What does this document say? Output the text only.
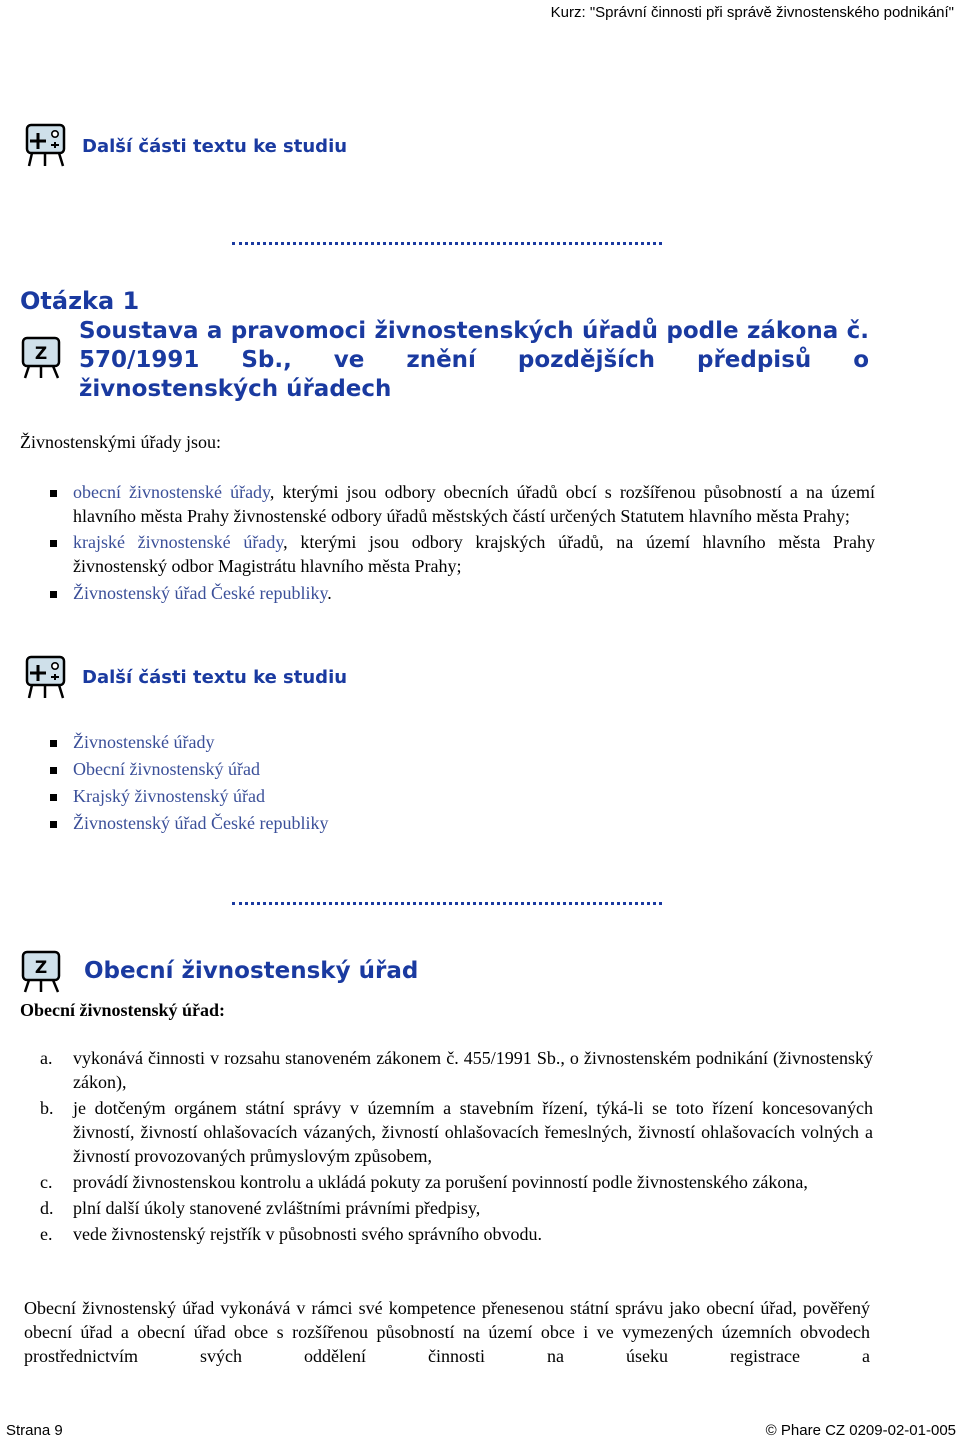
Kurz: "Správní činnosti při správě živnostenského podnikání"
Další části textu ke studiu
Otázka 1
Z
Soustava a pravomoci živnostenských úřadů podle zákona č. 570/1991 Sb., ve znění pozdějších předpisů o živnostenských úřadech
Živnostenskými úřady jsou:
obecní živnostenské úřady, kterými jsou odbory obecních úřadů obcí s rozšířenou působností a na území hlavního města Prahy živnostenské odbory úřadů městských částí určených Statutem hlavního města Prahy;
krajské živnostenské úřady, kterými jsou odbory krajských úřadů, na území hlavního města Prahy živnostenský odbor Magistrátu hlavního města Prahy;
Živnostenský úřad České republiky.
Další části textu ke studiu
Živnostenské úřady
Obecní živnostenský úřad
Krajský živnostenský úřad
Živnostenský úřad České republiky
Z Obecní živnostenský úřad
Obecní živnostenský úřad:
a. vykonává činnosti v rozsahu stanoveném zákonem č. 455/1991 Sb., o živnostenském podnikání (živnostenský zákon),
b. je dotčeným orgánem státní správy v územním a stavebním řízení, týká-li se toto řízení koncesovaných živností, živností ohlašovacích vázaných, živností ohlašovacích řemeslných, živností ohlašovacích volných a živností provozovaných průmyslovým způsobem,
c. provádí živnostenskou kontrolu a ukládá pokuty za porušení povinností podle živnostenského zákona,
d. plní další úkoly stanovené zvláštními právními předpisy,
e. vede živnostenský rejstřík v působnosti svého správního obvodu.
Obecní živnostenský úřad vykonává v rámci své kompetence přenesenou státní správu jako obecní úřad, pověřený obecní úřad a obecní úřad obce s rozšířenou působností na území obce i ve vymezených územních obvodech prostřednictvím svých oddělení činnosti na úseku registrace a
Strana 9	© Phare CZ 0209-02-01-005
